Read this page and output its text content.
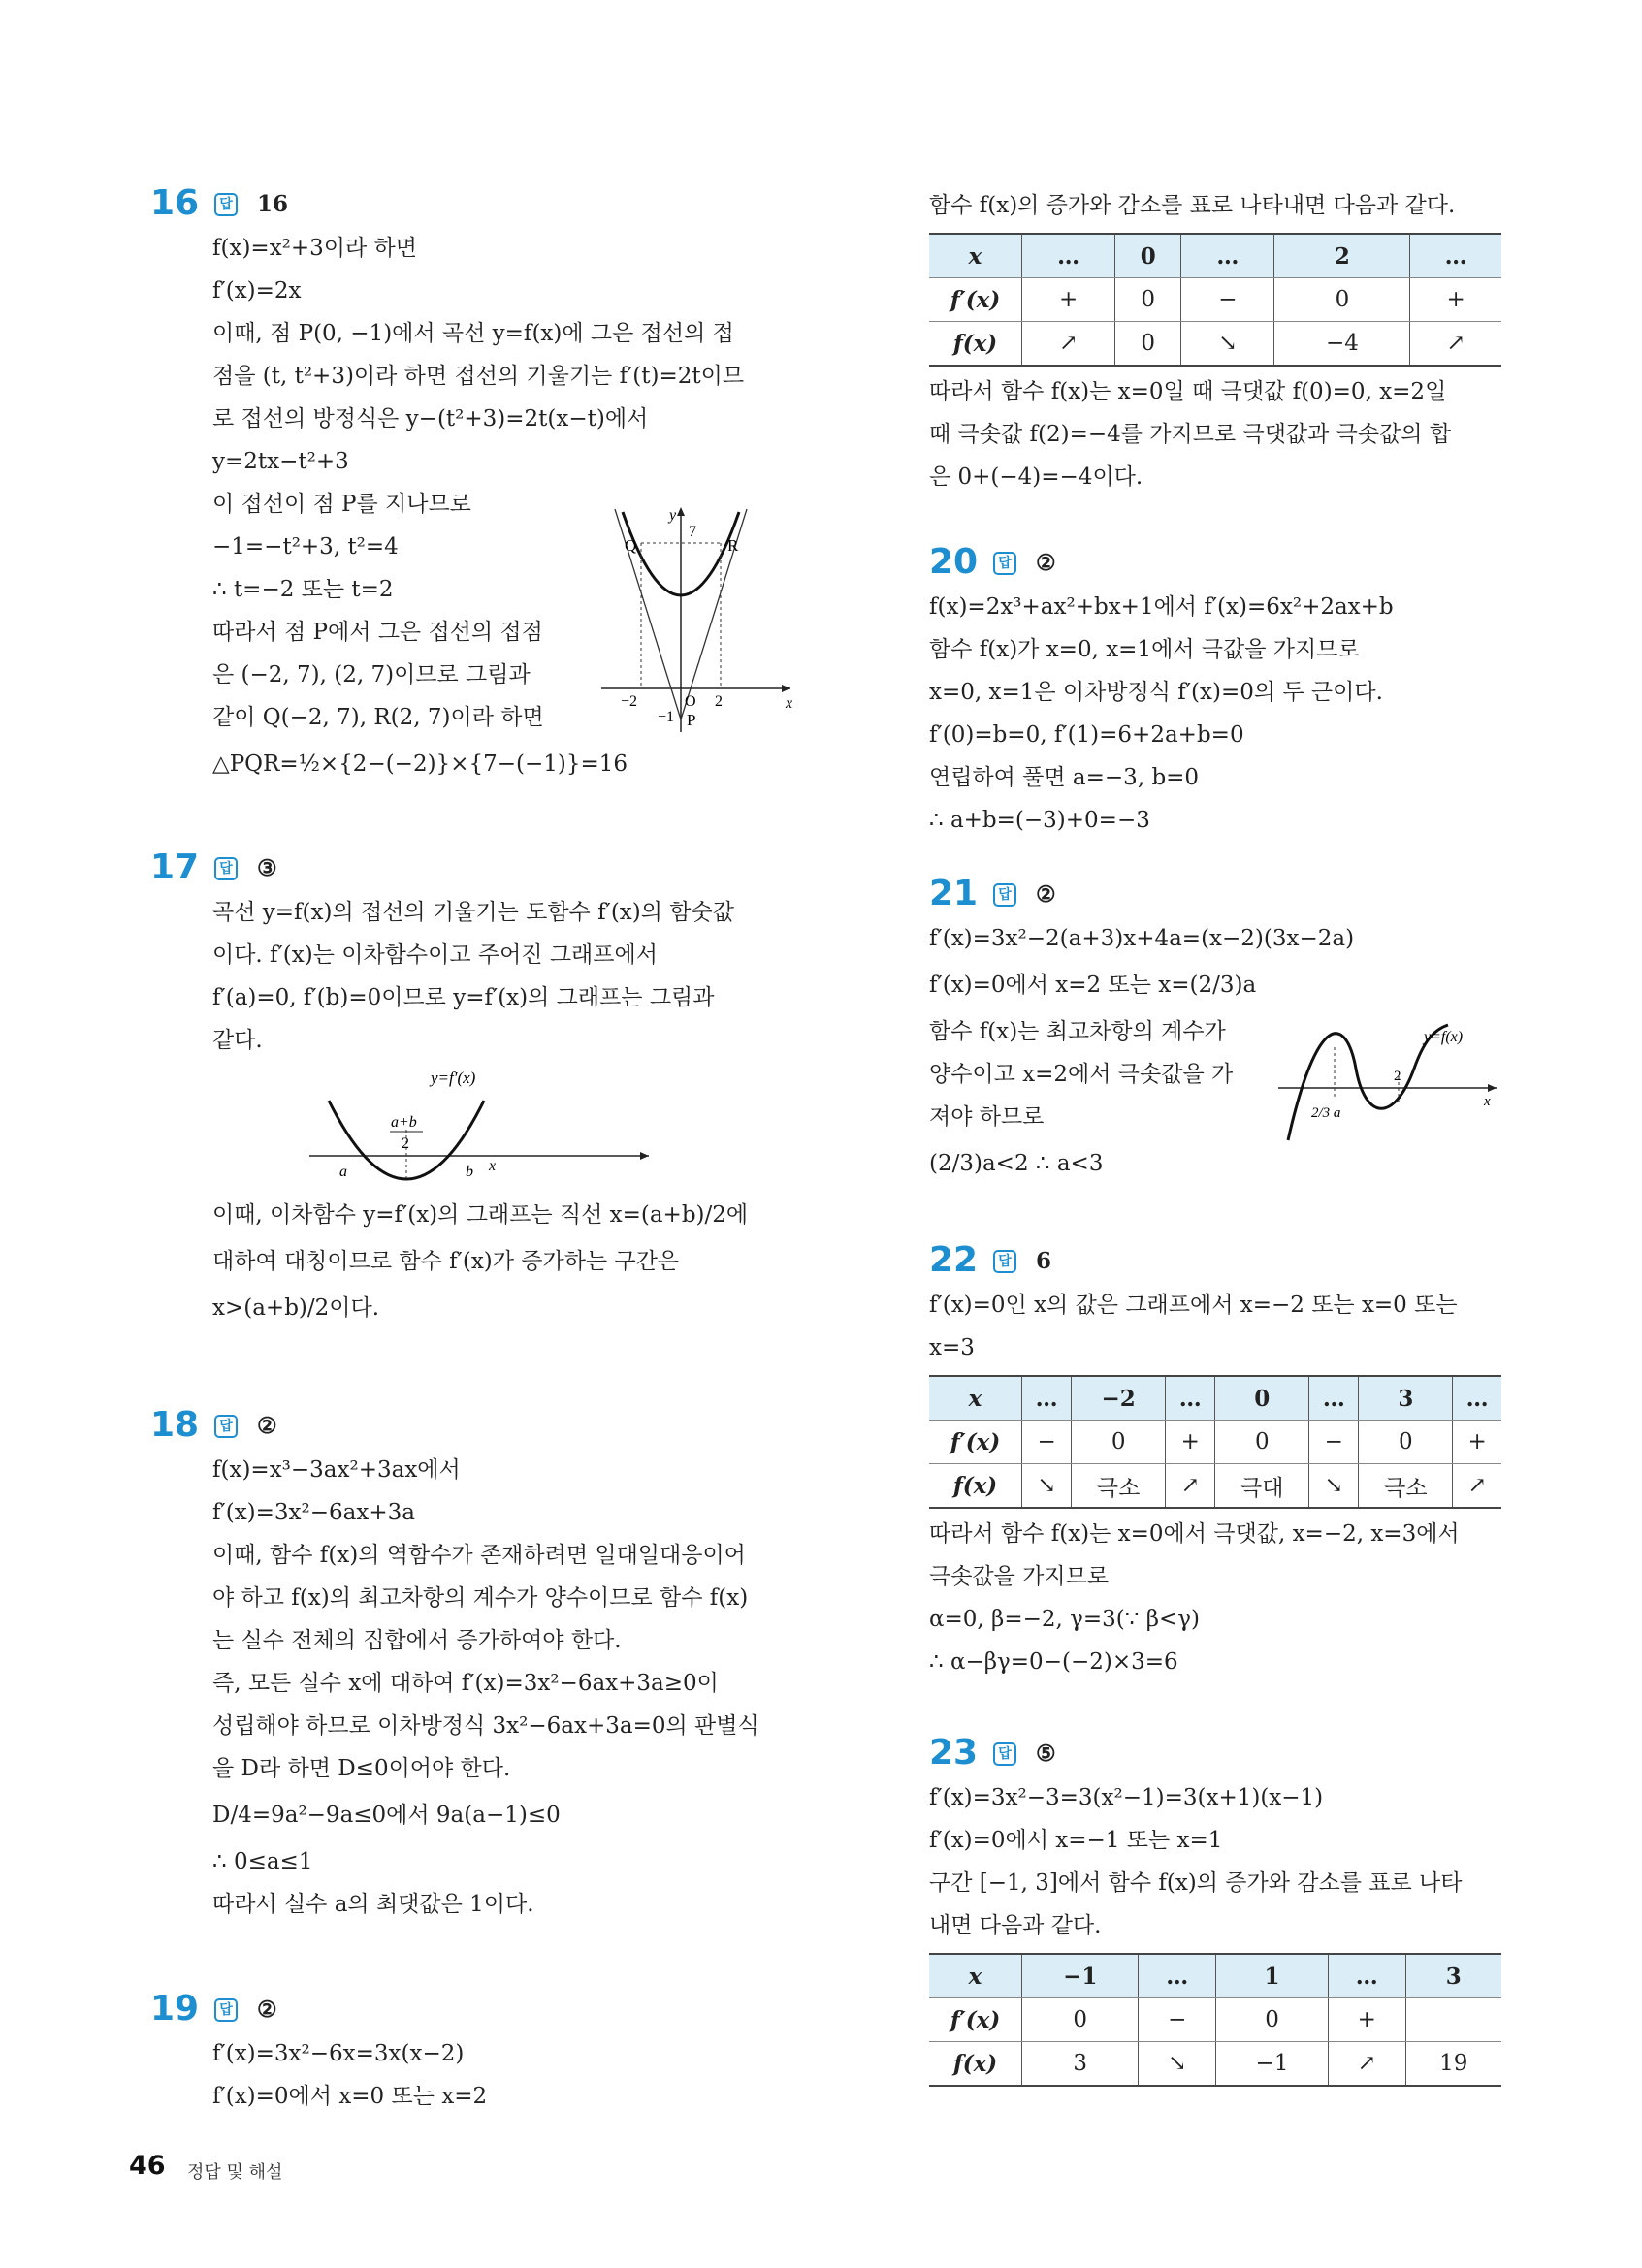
16	답 16
f(x)=x²+3이라 하면
f′(x)=2x
이때, 점 P(0, −1)에서 곡선 y=f(x)에 그은 접선의 접
점을 (t, t²+3)이라 하면 접선의 기울기는 f′(t)=2t이므
로 접선의 방정식은 y−(t²+3)=2t(x−t)에서
y=2tx−t²+3
이 접선이 점 P를 지나므로
−1=−t²+3, t²=4
∴ t=−2 또는 t=2
따라서 점 P에서 그은 접선의 접점
은 (−2, 7), (2, 7)이므로 그림과
같이 Q(−2, 7), R(2, 7)이라 하면
△PQR=½×{2−(−2)}×{7−(−1)}=16
y
7
Q	R
x
O
−2	2
−1 P
17	답 ③
곡선 y=f(x)의 접선의 기울기는 도함수 f′(x)의 함숫값
이다. f′(x)는 이차함수이고 주어진 그래프에서
f′(a)=0, f′(b)=0이므로 y=f′(x)의 그래프는 그림과
같다.
a+b
2
y=f′(x)
a	b x
이때, 이차함수 y=f′(x)의 그래프는 직선 x=(a+b)/2에
대하여 대칭이므로 함수 f′(x)가 증가하는 구간은
x>(a+b)/2이다.
18	답 ②
f(x)=x³−3ax²+3ax에서
f′(x)=3x²−6ax+3a
이때, 함수 f(x)의 역함수가 존재하려면 일대일대응이어
야 하고 f(x)의 최고차항의 계수가 양수이므로 함수 f(x)
는 실수 전체의 집합에서 증가하여야 한다.
즉, 모든 실수 x에 대하여 f′(x)=3x²−6ax+3a≥0이
성립해야 하므로 이차방정식 3x²−6ax+3a=0의 판별식
을 D라 하면 D≤0이어야 한다.
D/4=9a²−9a≤0에서 9a(a−1)≤0
∴ 0≤a≤1
따라서 실수 a의 최댓값은 1이다.
19	답 ②
f′(x)=3x²−6x=3x(x−2)
f′(x)=0에서 x=0 또는 x=2
함수 f(x)의 증가와 감소를 표로 나타내면 다음과 같다.
x	…	0	…	2	…
f′(x)	+	0	−	0	+
f(x)	↗	0	↘	−4	↗
따라서 함수 f(x)는 x=0일 때 극댓값 f(0)=0, x=2일
때 극솟값 f(2)=−4를 가지므로 극댓값과 극솟값의 합
은 0+(−4)=−4이다.
20	답 ②
f(x)=2x³+ax²+bx+1에서 f′(x)=6x²+2ax+b
함수 f(x)가 x=0, x=1에서 극값을 가지므로
x=0, x=1은 이차방정식 f′(x)=0의 두 근이다.
f′(0)=b=0, f′(1)=6+2a+b=0
연립하여 풀면 a=−3, b=0
∴ a+b=(−3)+0=−3
21	답 ②
f′(x)=3x²−2(a+3)x+4a=(x−2)(3x−2a)
f′(x)=0에서 x=2 또는 x=(2/3)a
함수 f(x)는 최고차항의 계수가
양수이고 x=2에서 극솟값을 가
져야 하므로
(2/3)a<2 ∴ a<3
y=f(x)
2
2/3 a
x
22	답 6
f′(x)=0인 x의 값은 그래프에서 x=−2 또는 x=0 또는
x=3
x	…	−2	…	0	…	3	…
f′(x)	−	0	+	0	−	0	+
f(x)	↘	극소	↗	극대	↘	극소	↗
따라서 함수 f(x)는 x=0에서 극댓값, x=−2, x=3에서
극솟값을 가지므로
α=0, β=−2, γ=3(∵ β<γ)
∴ α−βγ=0−(−2)×3=6
23	답 ⑤
f′(x)=3x²−3=3(x²−1)=3(x+1)(x−1)
f′(x)=0에서 x=−1 또는 x=1
구간 [−1, 3]에서 함수 f(x)의 증가와 감소를 표로 나타
내면 다음과 같다.
x	−1	…	1	…	3
f′(x)	0	−	0	+	
f(x)	3	↘	−1	↗	19
46 정답 및 해설
